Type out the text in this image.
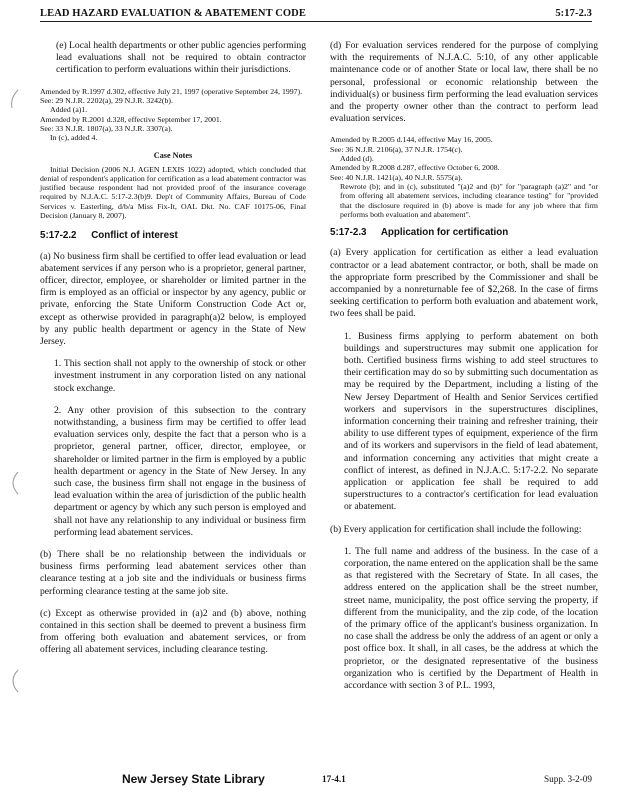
LEAD HAZARD EVALUATION & ABATEMENT CODE	5:17-2.3

(e) Local health departments or other public agencies performing lead evaluations shall not be required to obtain contractor certification to perform evaluations within their jurisdictions.

Amended by R.1997 d.302, effective July 21, 1997 (operative September 24, 1997).
See: 29 N.J.R. 2202(a), 29 N.J.R. 3242(b).
Added (a)1.
Amended by R.2001 d.328, effective September 17, 2001.
See: 33 N.J.R. 1807(a), 33 N.J.R. 3307(a).
In (c), added 4.
Case Notes
Initial Decision (2006 N.J. AGEN LEXIS 1022) adopted, which concluded that denial of respondent's application for certification as a lead abatement contractor was justified because respondent had not provided proof of the insurance coverage required by N.J.A.C. 5:17-2.3(b)9. Dep't of Community Affairs, Bureau of Code Services v. Easterling, d/b/a Miss Fix-It, OAL Dkt. No. CAF 10175-06, Final Decision (January 8, 2007).
5:17-2.2 Conflict of interest

(a) No business firm shall be certified to offer lead evaluation or lead abatement services if any person who is a proprietor, general partner, officer, director, employee, or shareholder or limited partner in the firm is employed as an official or inspector by any agency, public or private, enforcing the State Uniform Construction Code Act or, except as otherwise provided in paragraph(a)2 below, is employed by any public health department or agency in the State of New Jersey.

1. This section shall not apply to the ownership of stock or other investment instrument in any corporation listed on any national stock exchange.

2. Any other provision of this subsection to the contrary notwithstanding, a business firm may be certified to offer lead evaluation services only, despite the fact that a person who is a proprietor, general partner, officer, director, employee, or shareholder or limited partner in the firm is employed by a public health department or agency in the State of New Jersey. In any such case, the business firm shall not engage in the business of lead evaluation within the area of jurisdiction of the public health department or agency by which any such person is employed and shall not have any relationship to any individual or business firm performing lead abatement services.

(b) There shall be no relationship between the individuals or business firms performing lead abatement services other than clearance testing at a job site and the individuals or business firms performing clearance testing at the same job site.

(c) Except as otherwise provided in (a)2 and (b) above, nothing contained in this section shall be deemed to prevent a business firm from offering both evaluation and abatement services, or from offering all abatement services, including clearance testing.

(d) For evaluation services rendered for the purpose of complying with the requirements of N.J.A.C. 5:10, of any other applicable maintenance code or of another State or local law, there shall be no personal, professional or economic relationship between the individual(s) or business firm performing the lead evaluation services and the property owner other than the contract to perform lead evaluation services.

Amended by R.2005 d.144, effective May 16, 2005.
See: 36 N.J.R. 2106(a), 37 N.J.R. 1754(c).
Added (d).
Amended by R.2008 d.287, effective October 6, 2008.
See: 40 N.J.R. 1421(a), 40 N.J.R. 5575(a).
Rewrote (b); and in (c), substituted "(a)2 and (b)" for "paragraph (a)2" and "or from offering all abatement services, including clearance testing" for "provided that the disclosure required in (b) above is made for any job where that firm performs both evaluation and abatement".
5:17-2.3 Application for certification

(a) Every application for certification as either a lead evaluation contractor or a lead abatement contractor, or both, shall be made on the appropriate form prescribed by the Commissioner and shall be accompanied by a nonreturnable fee of $2,268. In the case of firms seeking certification to perform both evaluation and abatement work, two fees shall be paid.

1. Business firms applying to perform abatement on both buildings and superstructures may submit one application for both. Certified business firms wishing to add steel structures to their certification may do so by submitting such documentation as may be required by the Department, including a listing of the New Jersey Department of Health and Senior Services certified workers and supervisors in the superstructures disciplines, information concerning their training and refresher training, their ability to use different types of equipment, experience of the firm and of its workers and supervisors in the field of lead abatement, and information concerning any activities that might create a conflict of interest, as defined in N.J.A.C. 5:17-2.2. No separate application or application fee shall be required to add superstructures to a contractor's certification for lead evaluation or abatement.

(b) Every application for certification shall include the following:

1. The full name and address of the business. In the case of a corporation, the name entered on the application shall be the same as that registered with the Secretary of State. In all cases, the address entered on the application shall be the street number, street name, municipality, the post office serving the property, if different from the municipality, and the zip code, of the location of the primary office of the applicant's business organization. In no case shall the address be only the address of an agent or only a post office box. It shall, in all cases, be the address at which the proprietor, or the designated representative of the business organization who is certified by the Department of Health in accordance with section 3 of P.L. 1993,

New Jersey State Library	17-4.1	Supp. 3-2-09
